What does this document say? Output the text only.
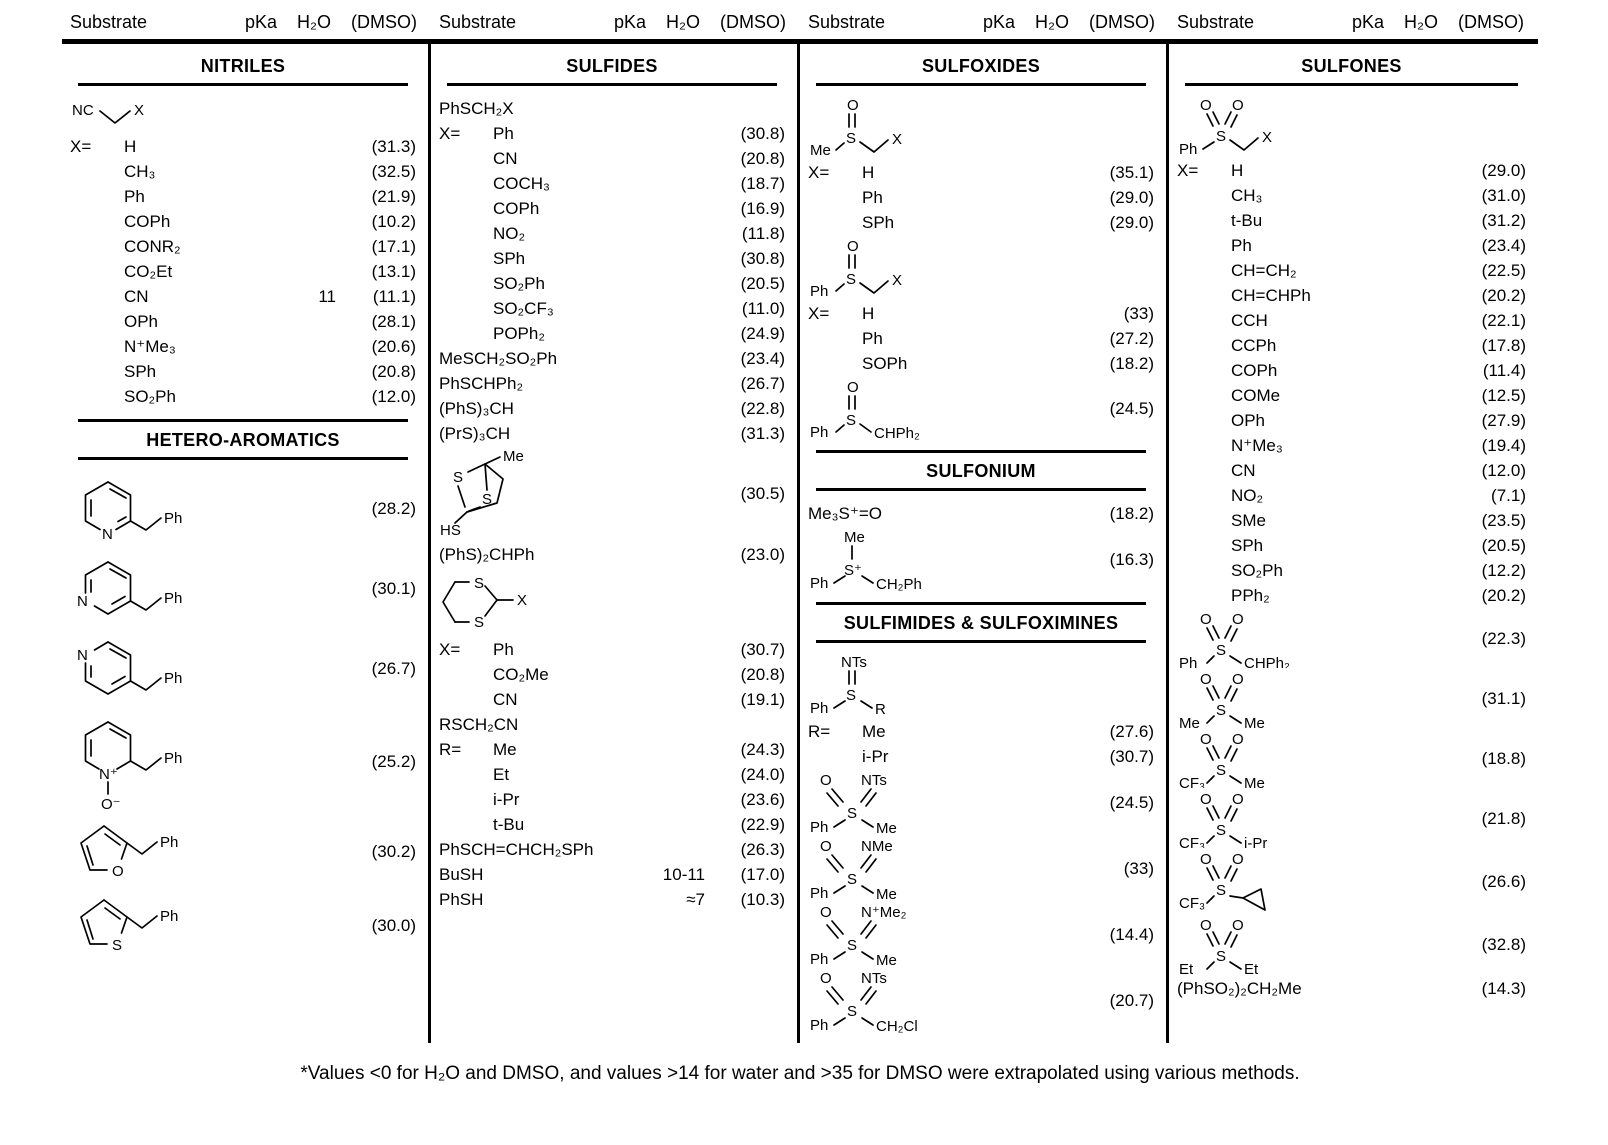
Substrate	pKa H₂O (DMSO) Substrate	pKa H₂O (DMSO) Substrate	pKa H₂O (DMSO) Substrate	pKa H₂O (DMSO)
NITRILES
NC	X
X=	H	(31.3)
CH₃	(32.5)
Ph	(21.9)
COPh	(10.2)
CONR₂	(17.1)
CO₂Et	(13.1)
CN	11	(11.1)
OPh	(28.1)
N⁺Me₃	(20.6)
SPh	(20.8)
SO₂Ph	(12.0)
HETERO-AROMATICS
N
Ph
(28.2)
N	Ph
(30.1)
N
Ph
(26.7)
N⁺
O⁻
Ph	(25.2)
O
Ph	(30.2)
S
Ph	(30.0)
SULFIDES
PhSCH₂X
X=	Ph	(30.8)
CN	(20.8)
COCH₃	(18.7)
COPh	(16.9)
NO₂	(11.8)
SPh	(30.8)
SO₂Ph	(20.5)
SO₂CF₃	(11.0)
POPh₂	(24.9)
MeSCH₂SO₂Ph	(23.4)
PhSCHPh₂	(26.7)
(PhS)₃CH	(22.8)
(PrS)₃CH	(31.3)
Me
S
S
HS
(30.5)
(PhS)₂CHPh	(23.0)
S
S
X
X=	Ph	(30.7)
CO₂Me	(20.8)
CN	(19.1)
RSCH₂CN
R=	Me	(24.3)
Et	(24.0)
i-Pr	(23.6)
t-Bu	(22.9)
PhSCH=CHCH₂SPh	(26.3)
BuSH	10-11	(17.0)
PhSH	≈7	(10.3)
SULFOXIDES
O
S
Me
X
X=	H	(35.1)
Ph	(29.0)
SPh	(29.0)
O
S
Ph
X
X=	H	(33)
Ph	(27.2)
SOPh	(18.2)
O
S
Ph	CHPh₂
(24.5)
SULFONIUM
Me₃S⁺=O	(18.2)
Me
S⁺
Ph	CH₂Ph
(16.3)
SULFIMIDES & SULFOXIMINES
NTs
S
Ph	R
R=	Me	(27.6)
i-Pr	(30.7)
O NTs
S
Ph	Me
(24.5)
O NMe
S
Ph	Me
(33)
O N⁺Me₂
S
Ph	Me
(14.4)
O NTs
S
Ph	CH₂Cl
(20.7)
SULFONES
O O
S
Ph
X
X=	H	(29.0)
CH₃	(31.0)
t-Bu	(31.2)
Ph	(23.4)
CH=CH₂	(22.5)
CH=CHPh	(20.2)
CCH	(22.1)
CCPh	(17.8)
COPh	(11.4)
COMe	(12.5)
OPh	(27.9)
N⁺Me₃	(19.4)
CN	(12.0)
NO₂	(7.1)
SMe	(23.5)
SPh	(20.5)
SO₂Ph	(12.2)
PPh₂	(20.2)
O O
S
Ph	CHPh₂
(22.3)
O O
S
Me	Me
(31.1)
O O
S
CF₃	Me
(18.8)
O O
S
CF₃	i-Pr
(21.8)
O O
S
CF₃
(26.6)
O O
S
Et	Et
(32.8)
(PhSO₂)₂CH₂Me	(14.3)
*Values <0 for H₂O and DMSO, and values >14 for water and >35 for DMSO were extrapolated using various methods.
